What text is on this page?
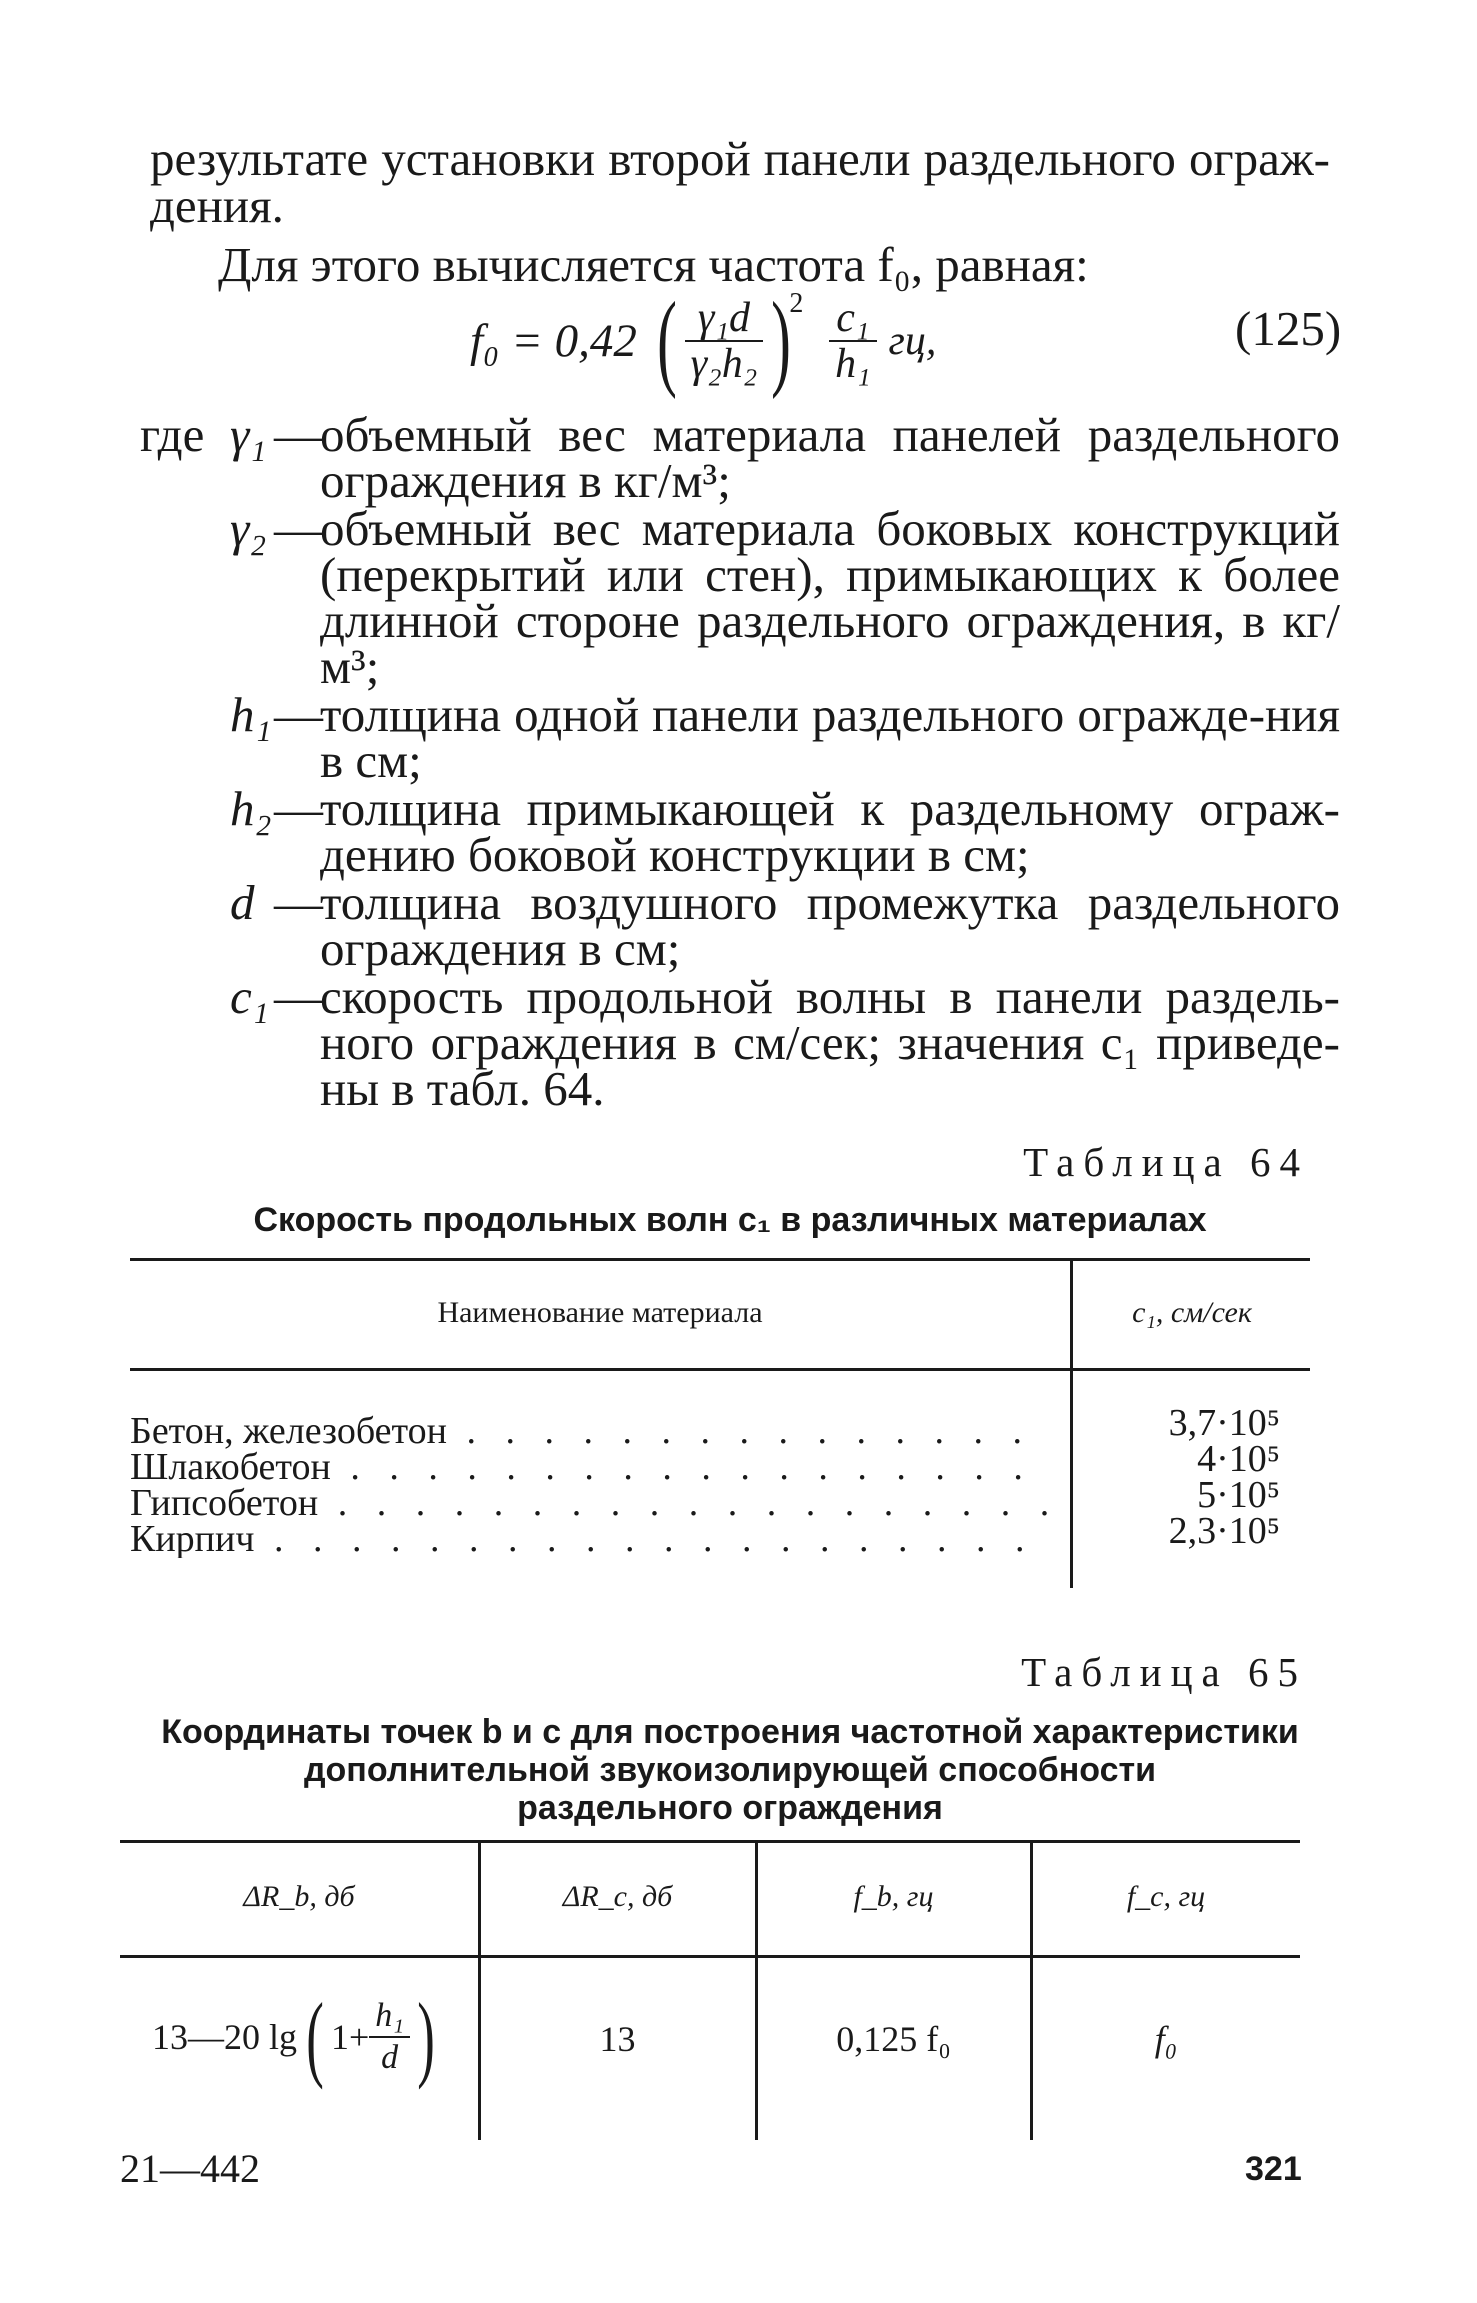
результате установки второй панели раздельного ограж-
дения.
Для этого вычисляется частота f₀, равная:
f₀ = 0,42 ( $\frac{\text{γ₁d}}{\text{γ₂h₂}} )^2 \frac{\text{c₁}}{\text{h₁}}$ гц,	(125)
где γ₁ —
объемный вес материала панелей раздельного ограждения в кг/м³;
γ₂ —
объемный вес материала боковых конструкций (перекрытий или стен), примыкающих к более длинной стороне раздельного ограждения, в кг/м³;
h₁ —
толщина одной панели раздельного огражде-ния в см;
h₂ —
толщина примыкающей к раздельному ограж-дению боковой конструкции в см;
d —
толщина воздушного промежутка раздельного ограждения в см;
c₁ —
скорость продольной волны в панели раздель-ного ограждения в см/сек; значения c₁ приведе-ны в табл. 64.
Таблица 64
Скорость продольных волн c₁ в различных материалах
Наименование материала	c₁, см/сек
Бетон, железобетон . . .	3,7·10⁵
Шлакобетон . . .	4·10⁵
Гипсобетон . . .	5·10⁵
Кирпич . . .	2,3·10⁵
Таблица 65
Координаты точек b и c для построения частотной характеристики
дополнительной звукоизолирующей способности
раздельного ограждения
ΔR_b, дб	ΔR_c, дб	f_b, гц	f_c, гц
13—20 lg ( $1+ \frac{\text{h₁}}{d}$ )	13	0,125 f₀	f₀
21—442	321
